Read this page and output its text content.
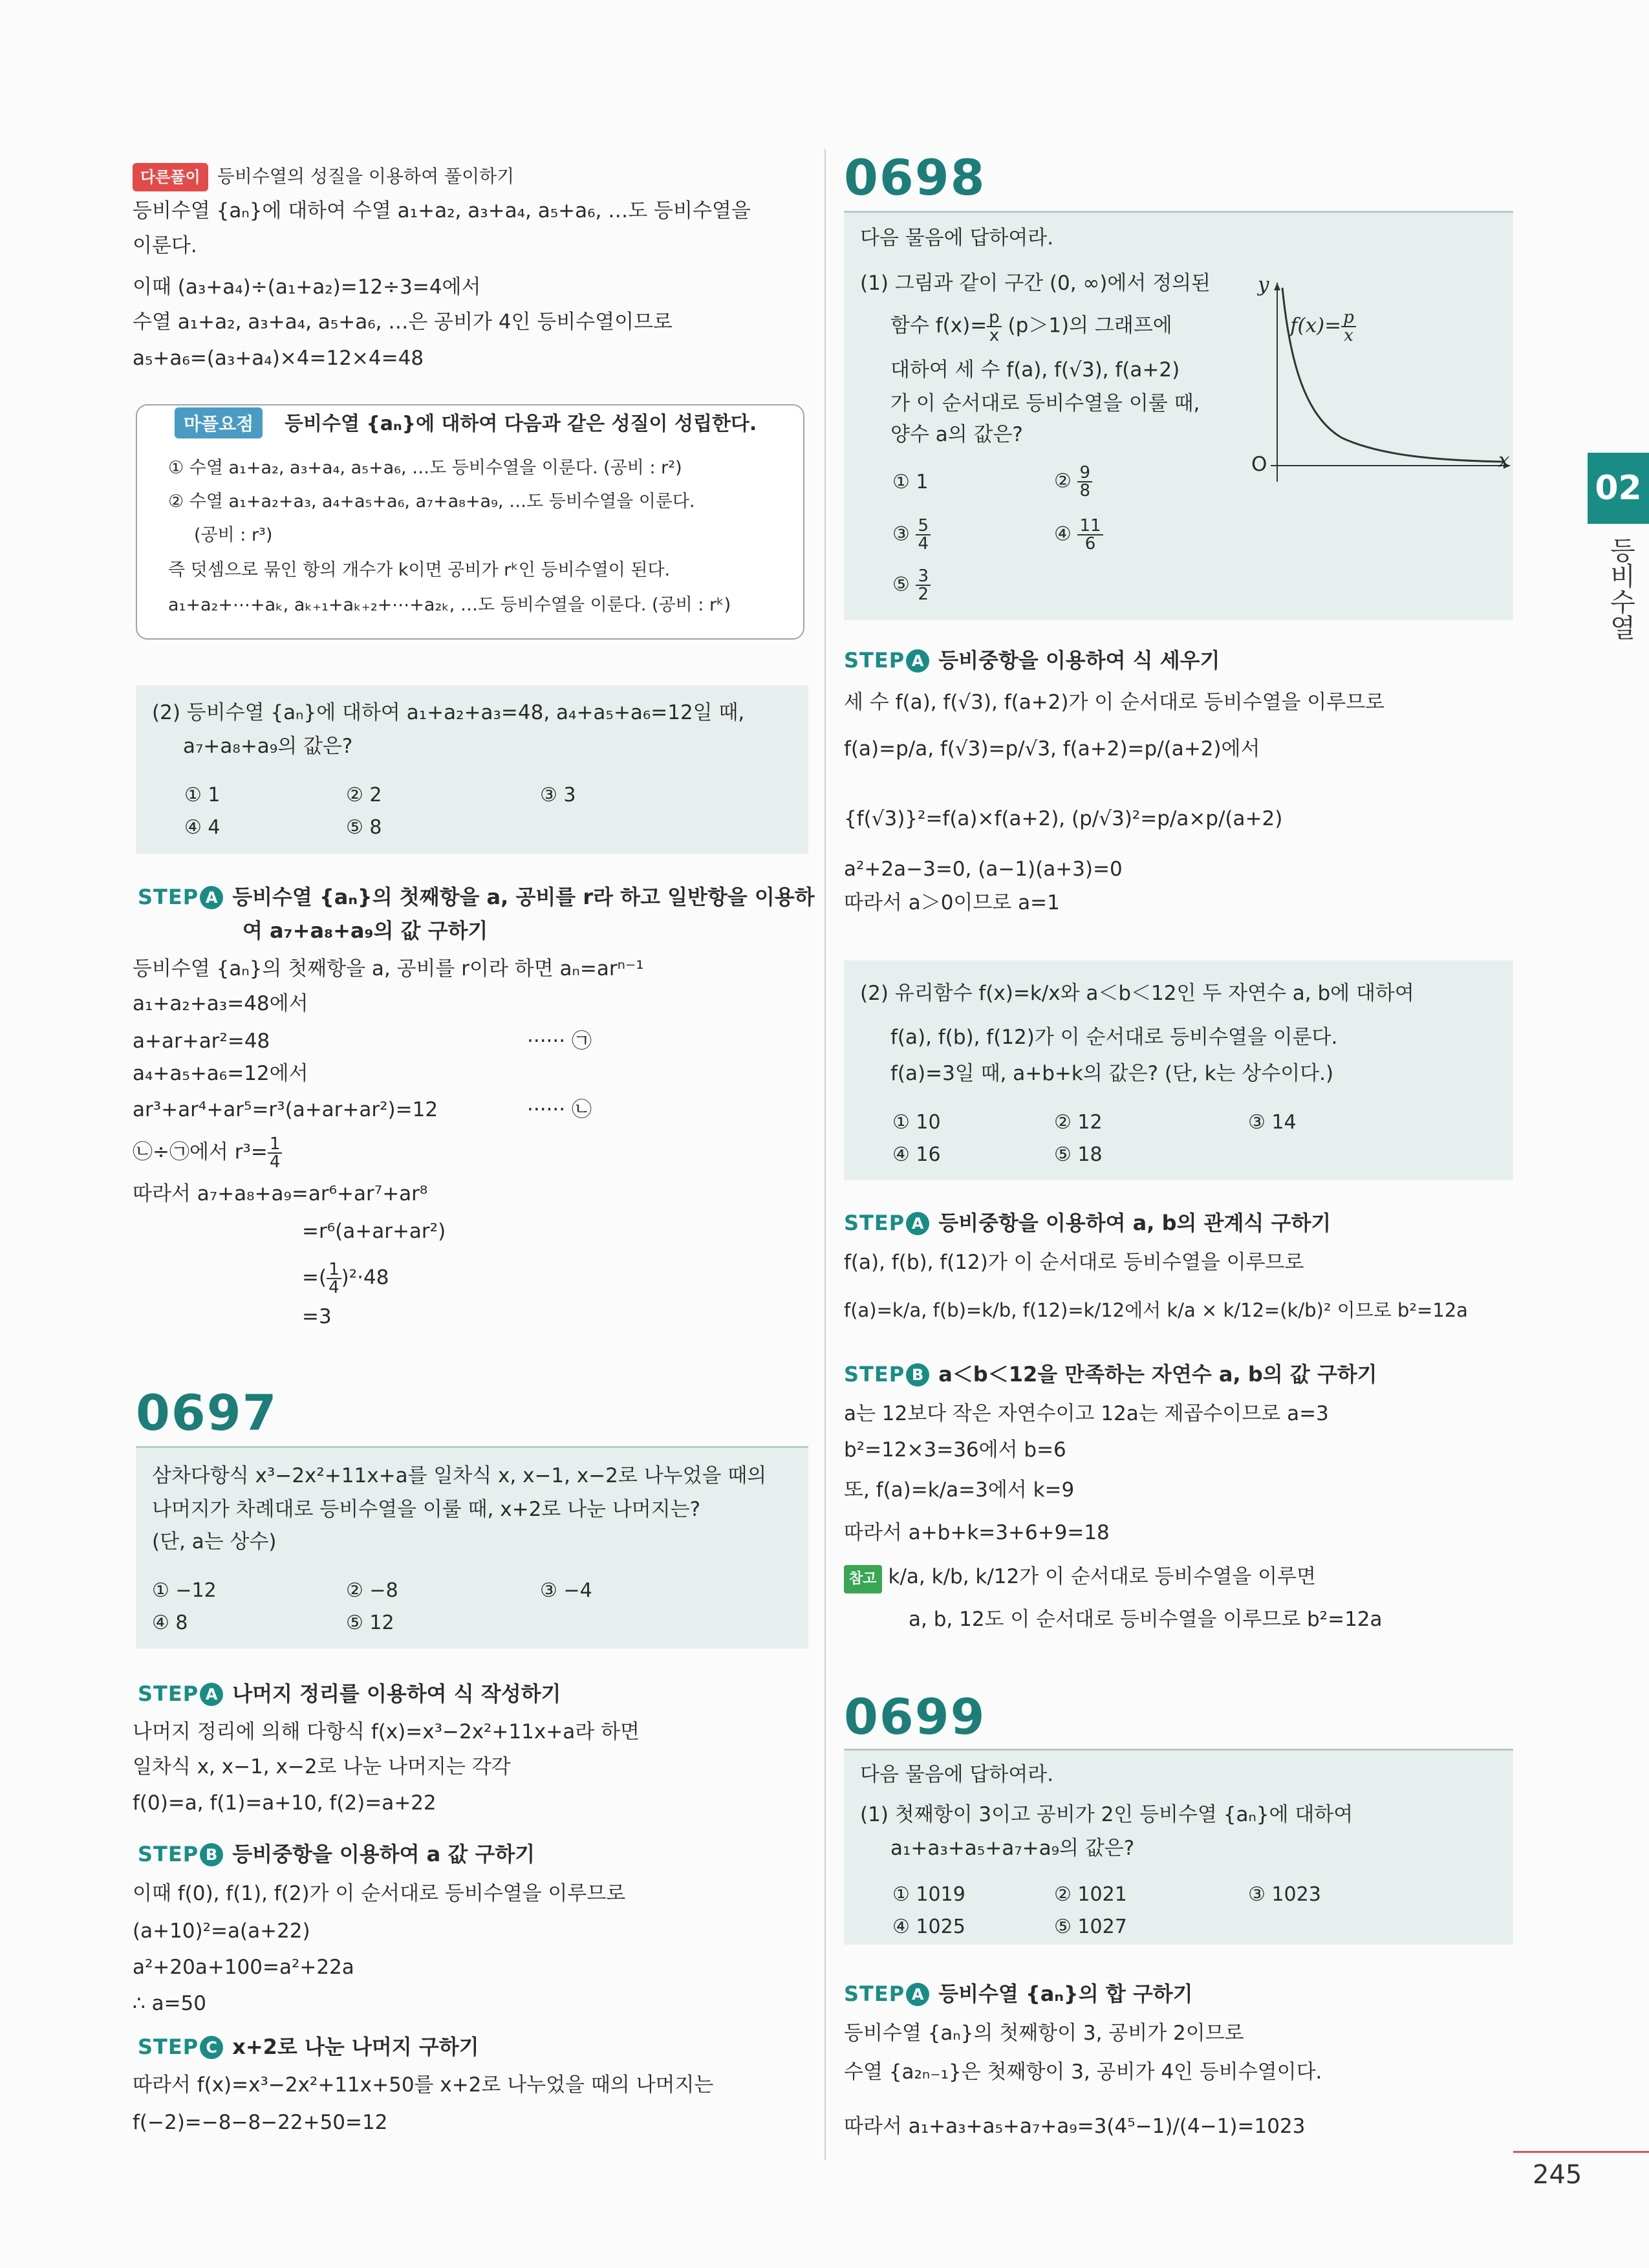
다른풀이 등비수열의 성질을 이용하여 풀이하기
등비수열 {aₙ}에 대하여 수열 a₁+a₂, a₃+a₄, a₅+a₆, …도 등비수열을
이룬다.
이때 (a₃+a₄)÷(a₁+a₂)=12÷3=4에서
수열 a₁+a₂, a₃+a₄, a₅+a₆, …은 공비가 4인 등비수열이므로
a₅+a₆=(a₃+a₄)×4=12×4=48
마플요점	등비수열 {aₙ}에 대하여 다음과 같은 성질이 성립한다.
① 수열 a₁+a₂, a₃+a₄, a₅+a₆, …도 등비수열을 이룬다. (공비 : r²)
② 수열 a₁+a₂+a₃, a₄+a₅+a₆, a₇+a₈+a₉, …도 등비수열을 이룬다.
(공비 : r³)
즉 덧셈으로 묶인 항의 개수가 k이면 공비가 rᵏ인 등비수열이 된다.
a₁+a₂+⋯+aₖ, aₖ₊₁+aₖ₊₂+⋯+a₂ₖ, …도 등비수열을 이룬다. (공비 : rᵏ)
(2) 등비수열 {aₙ}에 대하여 a₁+a₂+a₃=48, a₄+a₅+a₆=12일 때,
a₇+a₈+a₉의 값은?
① 1	② 2	③ 3
④ 4	⑤ 8
STEP A 등비수열 {aₙ}의 첫째항을 a, 공비를 r라 하고 일반항을 이용하
여 a₇+a₈+a₉의 값 구하기
등비수열 {aₙ}의 첫째항을 a, 공비를 r이라 하면 aₙ=arⁿ⁻¹
a₁+a₂+a₃=48에서
a+ar+ar²=48	······ ㉠
a₄+a₅+a₆=12에서
ar³+ar⁴+ar⁵=r³(a+ar+ar²)=12	······ ㉡
㉡÷㉠에서 $r^3= \frac{1}{4}$
따라서 a₇+a₈+a₉=ar⁶+ar⁷+ar⁸
=r⁶(a+ar+ar²)
=( $\frac{1}{4} )^2\cdot 48$
=3
0697
삼차다항식 x³−2x²+11x+a를 일차식 x, x−1, x−2로 나누었을 때의
나머지가 차례대로 등비수열을 이룰 때, x+2로 나눈 나머지는?
(단, a는 상수)
① −12	② −8	③ −4
④ 8	⑤ 12
STEP A 나머지 정리를 이용하여 식 작성하기
나머지 정리에 의해 다항식 f(x)=x³−2x²+11x+a라 하면
일차식 x, x−1, x−2로 나눈 나머지는 각각
f(0)=a, f(1)=a+10, f(2)=a+22
STEP B 등비중항을 이용하여 a 값 구하기
이때 f(0), f(1), f(2)가 이 순서대로 등비수열을 이루므로
(a+10)²=a(a+22)
a²+20a+100=a²+22a
∴ a=50
STEP C x+2로 나눈 나머지 구하기
따라서 f(x)=x³−2x²+11x+50를 x+2로 나누었을 때의 나머지는
f(−2)=−8−8−22+50=12
0698
다음 물음에 답하여라.
(1) 그림과 같이 구간 (0, ∞)에서 정의된
함수 $f(x)= \frac{p}{x} (p>1)$의 그래프에
대하여 세 수 f(a), f(√3), f(a+2)
가 이 순서대로 등비수열을 이룰 때,
양수 a의 값은?
① 1	② $\frac{9}{8}$
③ $\frac{5}{4}$	④ $\frac{11}{6}$
⑤ $\frac{3}{2}$
y
x
O
$f(x)= \frac{p}{x}$
STEP A 등비중항을 이용하여 식 세우기
세 수 f(a), f(√3), f(a+2)가 이 순서대로 등비수열을 이루므로
f(a)=p/a, f(√3)=p/√3, f(a+2)=p/(a+2)에서
{f(√3)}²=f(a)×f(a+2), (p/√3)²=p/a×p/(a+2)
a²+2a−3=0, (a−1)(a+3)=0
따라서 a＞0이므로 a=1
(2) 유리함수 f(x)=k/x와 a＜b＜12인 두 자연수 a, b에 대하여
f(a), f(b), f(12)가 이 순서대로 등비수열을 이룬다.
f(a)=3일 때, a+b+k의 값은? (단, k는 상수이다.)
① 10	② 12	③ 14
④ 16	⑤ 18
STEP A 등비중항을 이용하여 a, b의 관계식 구하기
f(a), f(b), f(12)가 이 순서대로 등비수열을 이루므로
f(a)=k/a, f(b)=k/b, f(12)=k/12에서 k/a × k/12=(k/b)² 이므로 b²=12a
STEP B a＜b＜12을 만족하는 자연수 a, b의 값 구하기
a는 12보다 작은 자연수이고 12a는 제곱수이므로 a=3
b²=12×3=36에서 b=6
또, f(a)=k/a=3에서 k=9
따라서 a+b+k=3+6+9=18
참고 k/a, k/b, k/12가 이 순서대로 등비수열을 이루면
a, b, 12도 이 순서대로 등비수열을 이루므로 b²=12a
0699
다음 물음에 답하여라.
(1) 첫째항이 3이고 공비가 2인 등비수열 {aₙ}에 대하여
a₁+a₃+a₅+a₇+a₉의 값은?
① 1019	② 1021	③ 1023
④ 1025	⑤ 1027
STEP A 등비수열 {aₙ}의 합 구하기
등비수열 {aₙ}의 첫째항이 3, 공비가 2이므로
수열 {a₂ₙ₋₁}은 첫째항이 3, 공비가 4인 등비수열이다.
따라서 a₁+a₃+a₅+a₇+a₉=3(4⁵−1)/(4−1)=1023
02
등비수열
245
